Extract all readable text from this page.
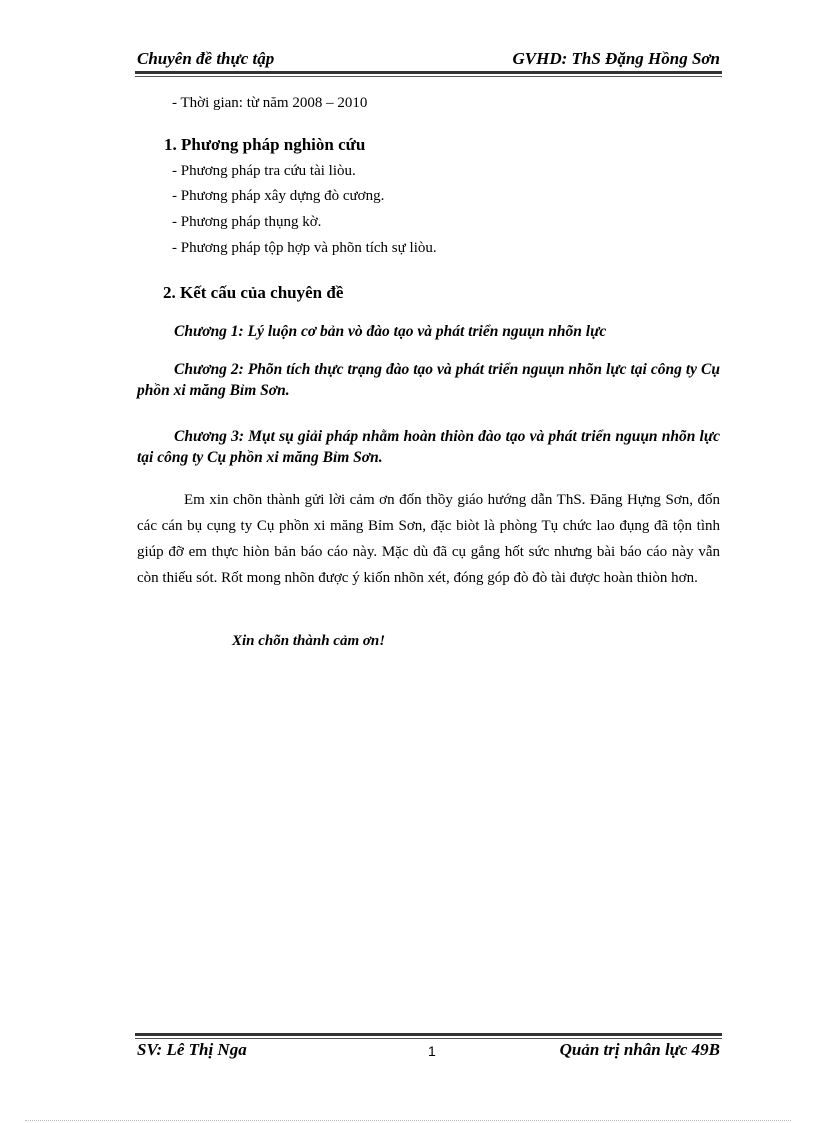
Chuyên đề thực tập	GVHD: ThS Đặng Hồng Sơn
- Thời gian: từ năm 2008 – 2010
1. Phương pháp nghiòn cứu
- Phương pháp tra cứu tài liòu.
- Phương pháp xây dựng đò cương.
- Phương pháp thụng kờ.
- Phương pháp tộp hợp và phõn tích sự liòu.
2. Kết cấu của chuyên đề
Chương 1: Lý luộn cơ bản vò đào tạo và phát triển nguụn nhõn lực
Chương 2: Phõn tích thực trạng đào tạo và phát triển nguụn nhõn lực tại công ty Cụ phồn xi măng Bỉm Sơn.
Chương 3: Mụt sụ giải pháp nhằm hoàn thiòn đào tạo và phát triển nguụn nhõn lực tại công ty Cụ phồn xi măng Bỉm Sơn.
Em xin chõn thành gửi lời cảm ơn đốn thồy giáo hướng dẫn ThS. Đăng Hựng Sơn, đốn các cán bụ cụng ty Cụ phồn xi măng Bỉm Sơn, đặc biòt là phòng Tụ chức lao đụng đã tộn tình giúp đỡ em thực hiòn bản báo cáo này. Mặc dù đã cụ gắng hốt sức nhưng bài báo cáo này vẫn còn thiếu sót. Rốt mong nhõn được ý kiốn nhõn xét, đóng góp đò đò tài được hoàn thiòn hơn.
Xin chõn thành cảm ơn!
SV: Lê Thị Nga	1	Quản trị nhân lực 49B
